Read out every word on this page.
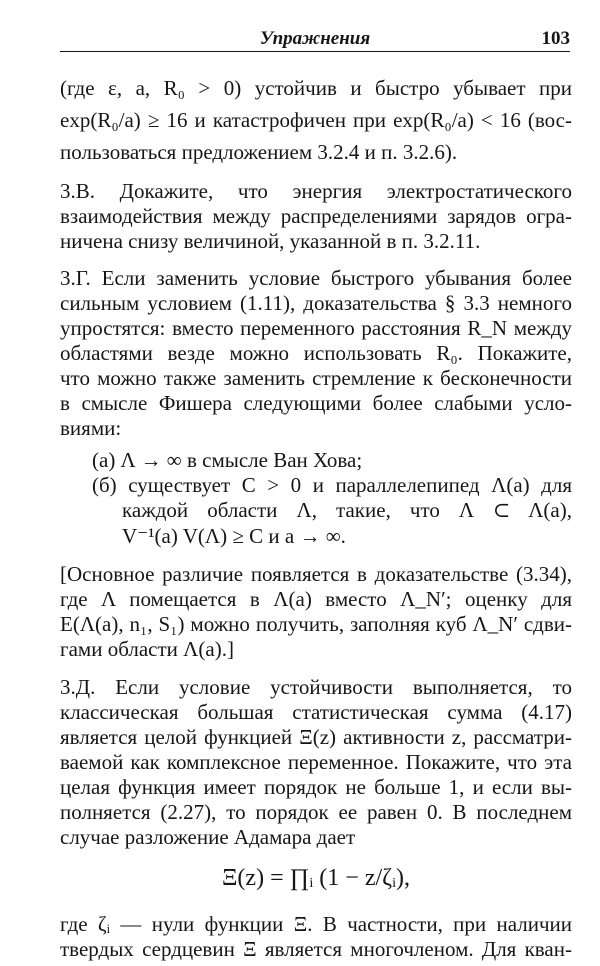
Упражнения	103
(где ε, a, R₀ > 0) устойчив и быстро убывает при
exp(R₀/a) ≥ 16 и катастрофичен при exp(R₀/a) < 16 (вос-
пользоваться предложением 3.2.4 и п. 3.2.6).
3.В. Докажите, что энергия электростатического
взаимодействия между распределениями зарядов огра-
ничена снизу величиной, указанной в п. 3.2.11.
3.Г. Если заменить условие быстрого убывания более
сильным условием (1.11), доказательства § 3.3 немного
упростятся: вместо переменного расстояния R_N между
областями везде можно использовать R₀. Покажите,
что можно также заменить стремление к бесконечности
в смысле Фишера следующими более слабыми усло-
виями:
(а) Λ → ∞ в смысле Ван Хова;
(б) существует C > 0 и параллелепипед Λ(a) для
каждой области Λ, такие, что Λ ⊂ Λ(a),
V⁻¹(a) V(Λ) ≥ C и a → ∞.
[Основное различие появляется в доказательстве (3.34),
где Λ помещается в Λ(a) вместо Λ_N′; оценку для
E(Λ(a), n₁, S₁) можно получить, заполняя куб Λ_N′ сдви-
гами области Λ(a).]
3.Д. Если условие устойчивости выполняется, то
классическая большая статистическая сумма (4.17)
является целой функцией Ξ(z) активности z, рассматри-
ваемой как комплексное переменное. Покажите, что эта
целая функция имеет порядок не больше 1, и если вы-
полняется (2.27), то порядок ее равен 0. В последнем
случае разложение Адамара дает
Ξ(z) = ∏ᵢ (1 − z/ζᵢ),
где ζᵢ — нули функции Ξ. В частности, при наличии
твердых сердцевин Ξ является многочленом. Для кван-
